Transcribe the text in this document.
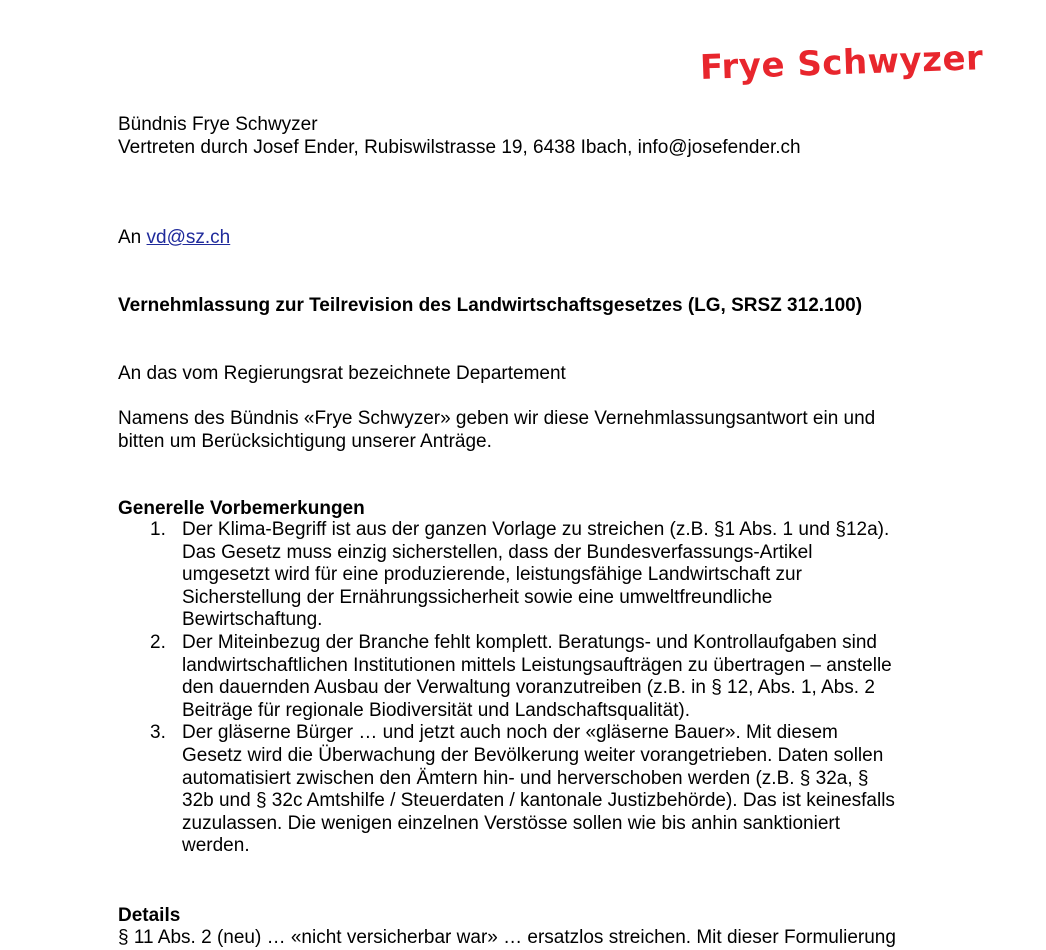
Frye Schwyzer

Bündnis Frye Schwyzer

Vertreten durch Josef Ender, Rubiswilstrasse 19, 6438 Ibach, info@josefender.ch

An vd@sz.ch

Vernehmlassung zur Teilrevision des Landwirtschaftsgesetzes (LG, SRSZ 312.100)

An das vom Regierungsrat bezeichnete Departement

Namens des Bündnis «Frye Schwyzer» geben wir diese Vernehmlassungsantwort ein und

bitten um Berücksichtigung unserer Anträge.

Generelle Vorbemerkungen

1. Der Klima-Begriff ist aus der ganzen Vorlage zu streichen (z.B. §1 Abs. 1 und §12a).
Das Gesetz muss einzig sicherstellen, dass der Bundesverfassungs-Artikel
umgesetzt wird für eine produzierende, leistungsfähige Landwirtschaft zur
Sicherstellung der Ernährungssicherheit sowie eine umweltfreundliche
Bewirtschaftung.
2. Der Miteinbezug der Branche fehlt komplett. Beratungs- und Kontrollaufgaben sind
landwirtschaftlichen Institutionen mittels Leistungsaufträgen zu übertragen – anstelle
den dauernden Ausbau der Verwaltung voranzutreiben (z.B. in § 12, Abs. 1, Abs. 2
Beiträge für regionale Biodiversität und Landschaftsqualität).
3. Der gläserne Bürger … und jetzt auch noch der «gläserne Bauer». Mit diesem
Gesetz wird die Überwachung der Bevölkerung weiter vorangetrieben. Daten sollen
automatisiert zwischen den Ämtern hin- und herverschoben werden (z.B. § 32a, §
32b und § 32c Amtshilfe / Steuerdaten / kantonale Justizbehörde). Das ist keinesfalls
zuzulassen. Die wenigen einzelnen Verstösse sollen wie bis anhin sanktioniert
werden.

Details

§ 11 Abs. 2 (neu) … «nicht versicherbar war» … ersatzlos streichen. Mit dieser Formulierung
